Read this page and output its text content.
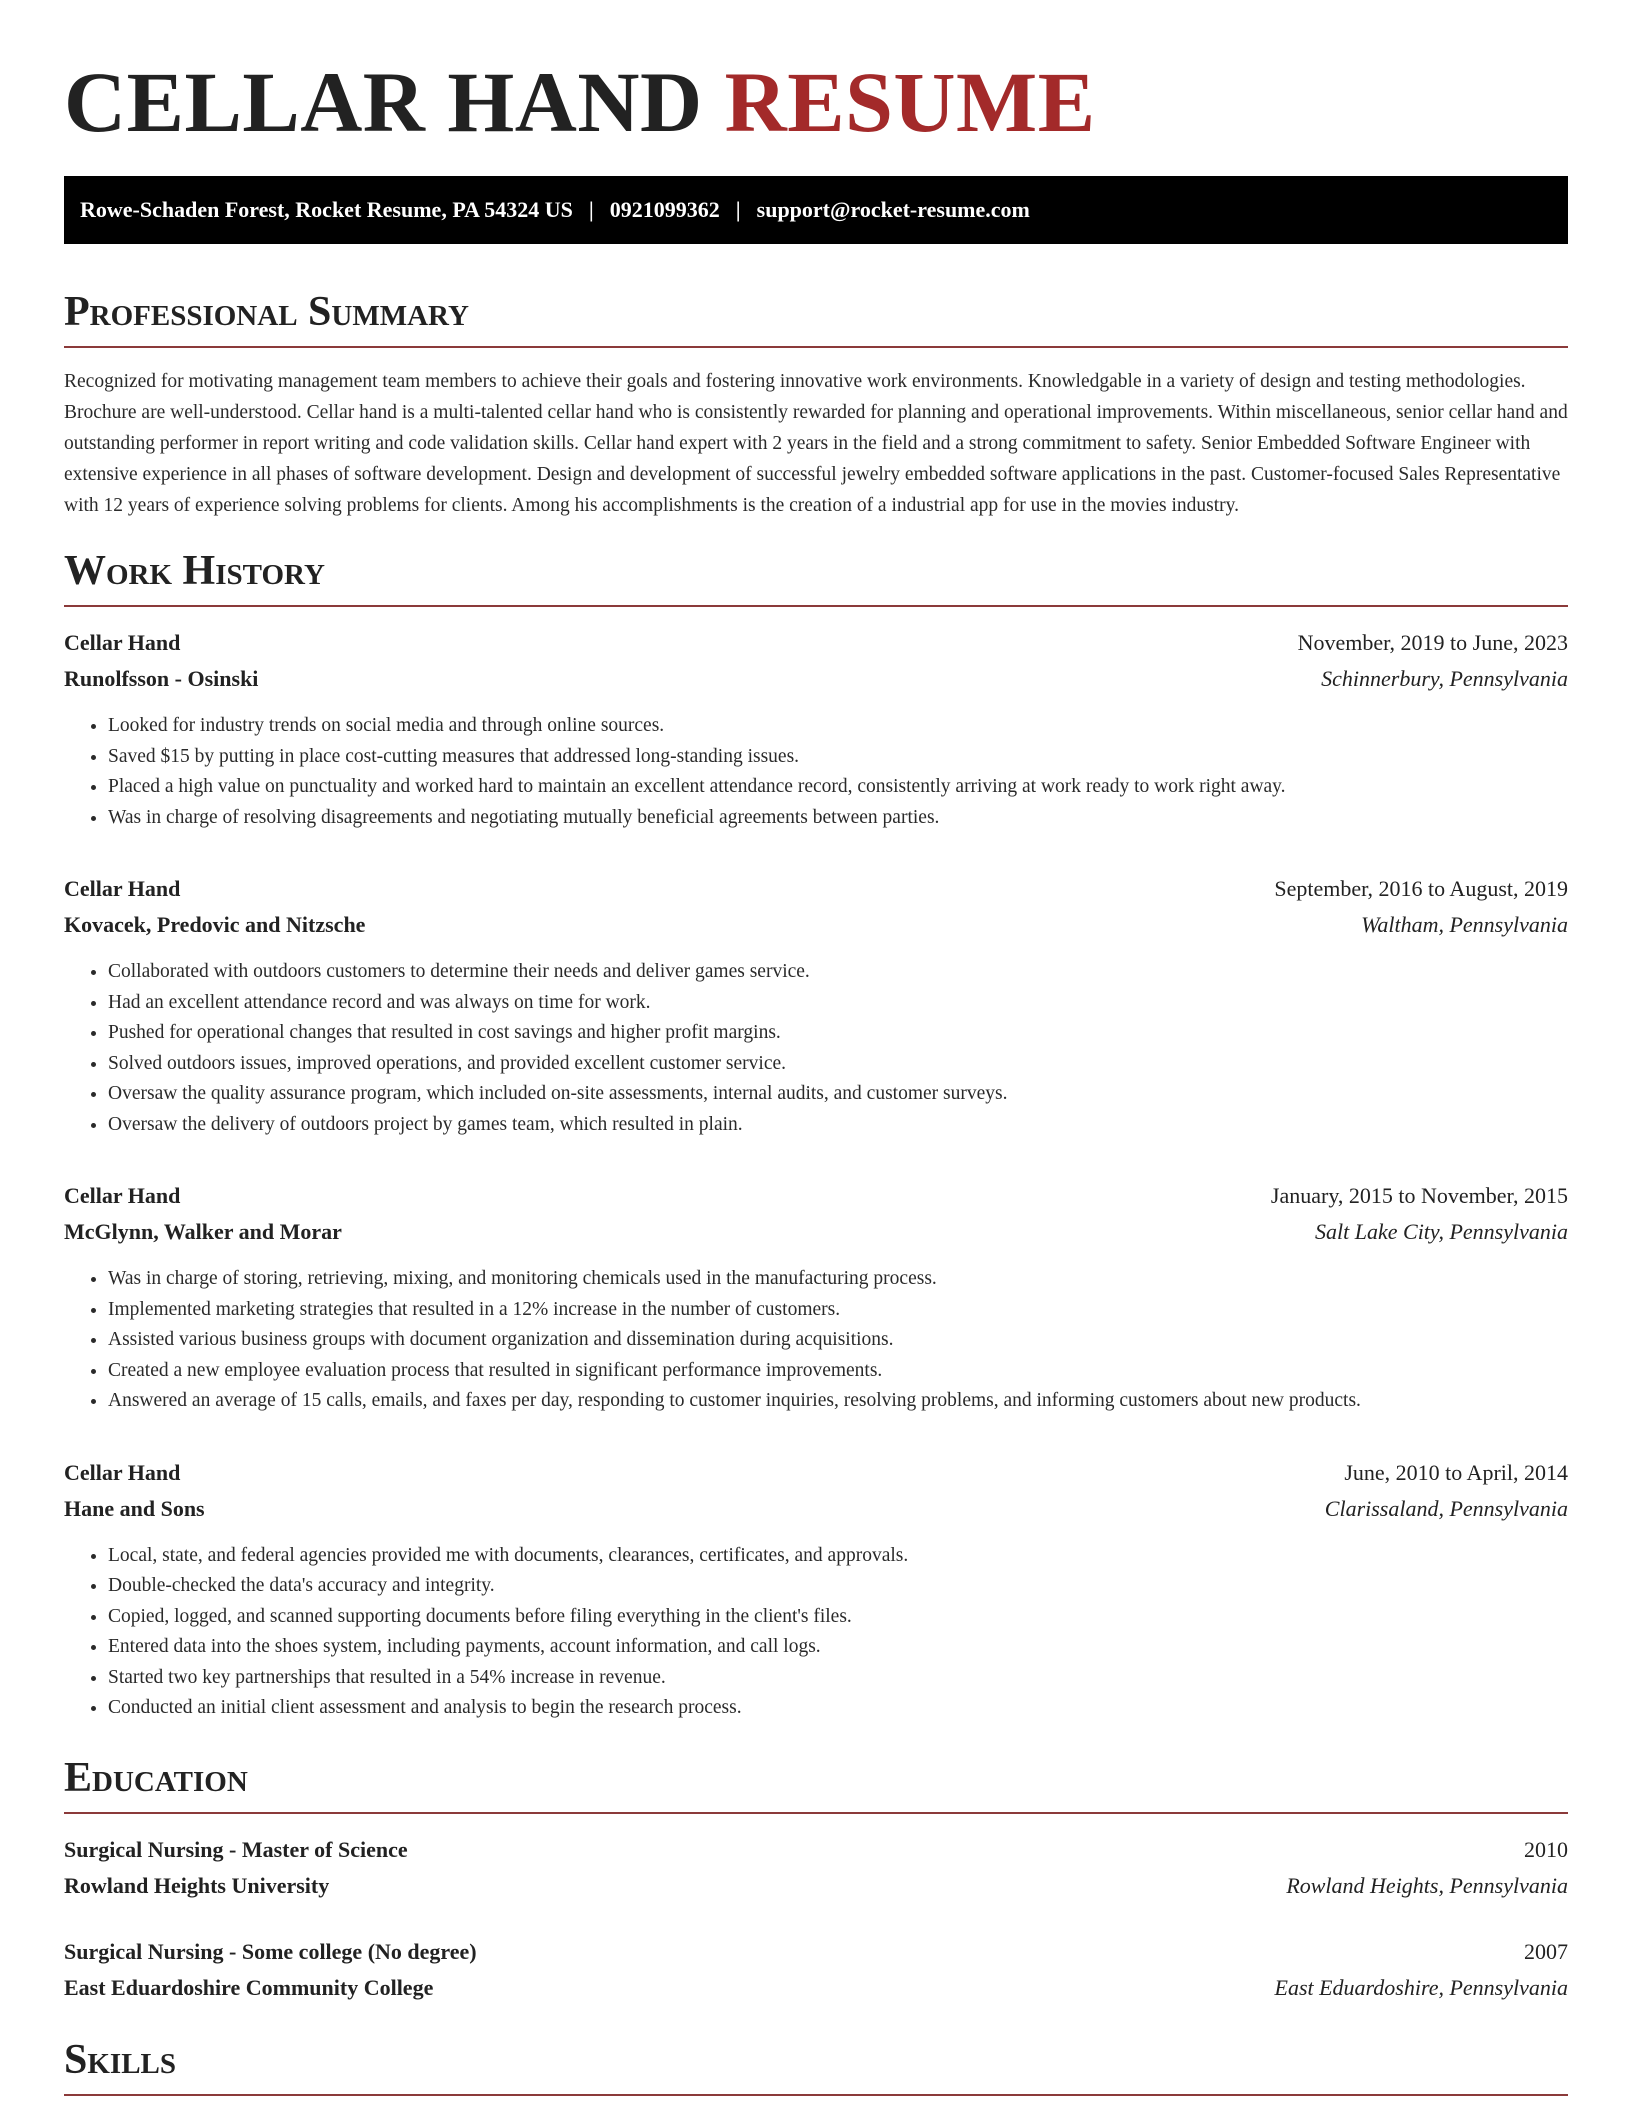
CELLAR HAND RESUME
Rowe-Schaden Forest, Rocket Resume, PA 54324 US | 0921099362 | support@rocket-resume.com
Professional Summary

Recognized for motivating management team members to achieve their goals and fostering innovative work environments. Knowledgable in a variety of design and testing methodologies. Brochure are well-understood. Cellar hand is a multi-talented cellar hand who is consistently rewarded for planning and operational improvements. Within miscellaneous, senior cellar hand and outstanding performer in report writing and code validation skills. Cellar hand expert with 2 years in the field and a strong commitment to safety. Senior Embedded Software Engineer with extensive experience in all phases of software development. Design and development of successful jewelry embedded software applications in the past. Customer-focused Sales Representative with 12 years of experience solving problems for clients. Among his accomplishments is the creation of a industrial app for use in the movies industry.

Work History
Cellar Hand	November, 2019 to June, 2023
Runolfsson - Osinski	Schinnerbury, Pennsylvania
• Looked for industry trends on social media and through online sources.
• Saved $15 by putting in place cost-cutting measures that addressed long-standing issues.
• Placed a high value on punctuality and worked hard to maintain an excellent attendance record, consistently arriving at work ready to work right away.
• Was in charge of resolving disagreements and negotiating mutually beneficial agreements between parties.
Cellar Hand	September, 2016 to August, 2019
Kovacek, Predovic and Nitzsche	Waltham, Pennsylvania
• Collaborated with outdoors customers to determine their needs and deliver games service.
• Had an excellent attendance record and was always on time for work.
• Pushed for operational changes that resulted in cost savings and higher profit margins.
• Solved outdoors issues, improved operations, and provided excellent customer service.
• Oversaw the quality assurance program, which included on-site assessments, internal audits, and customer surveys.
• Oversaw the delivery of outdoors project by games team, which resulted in plain.
Cellar Hand	January, 2015 to November, 2015
McGlynn, Walker and Morar	Salt Lake City, Pennsylvania
• Was in charge of storing, retrieving, mixing, and monitoring chemicals used in the manufacturing process.
• Implemented marketing strategies that resulted in a 12% increase in the number of customers.
• Assisted various business groups with document organization and dissemination during acquisitions.
• Created a new employee evaluation process that resulted in significant performance improvements.
• Answered an average of 15 calls, emails, and faxes per day, responding to customer inquiries, resolving problems, and informing customers about new products.
Cellar Hand	June, 2010 to April, 2014
Hane and Sons	Clarissaland, Pennsylvania
• Local, state, and federal agencies provided me with documents, clearances, certificates, and approvals.
• Double-checked the data's accuracy and integrity.
• Copied, logged, and scanned supporting documents before filing everything in the client's files.
• Entered data into the shoes system, including payments, account information, and call logs.
• Started two key partnerships that resulted in a 54% increase in revenue.
• Conducted an initial client assessment and analysis to begin the research process.
Education
Surgical Nursing - Master of Science	2010
Rowland Heights University	Rowland Heights, Pennsylvania
Surgical Nursing - Some college (No degree)	2007
East Eduardoshire Community College	East Eduardoshire, Pennsylvania
Skills
